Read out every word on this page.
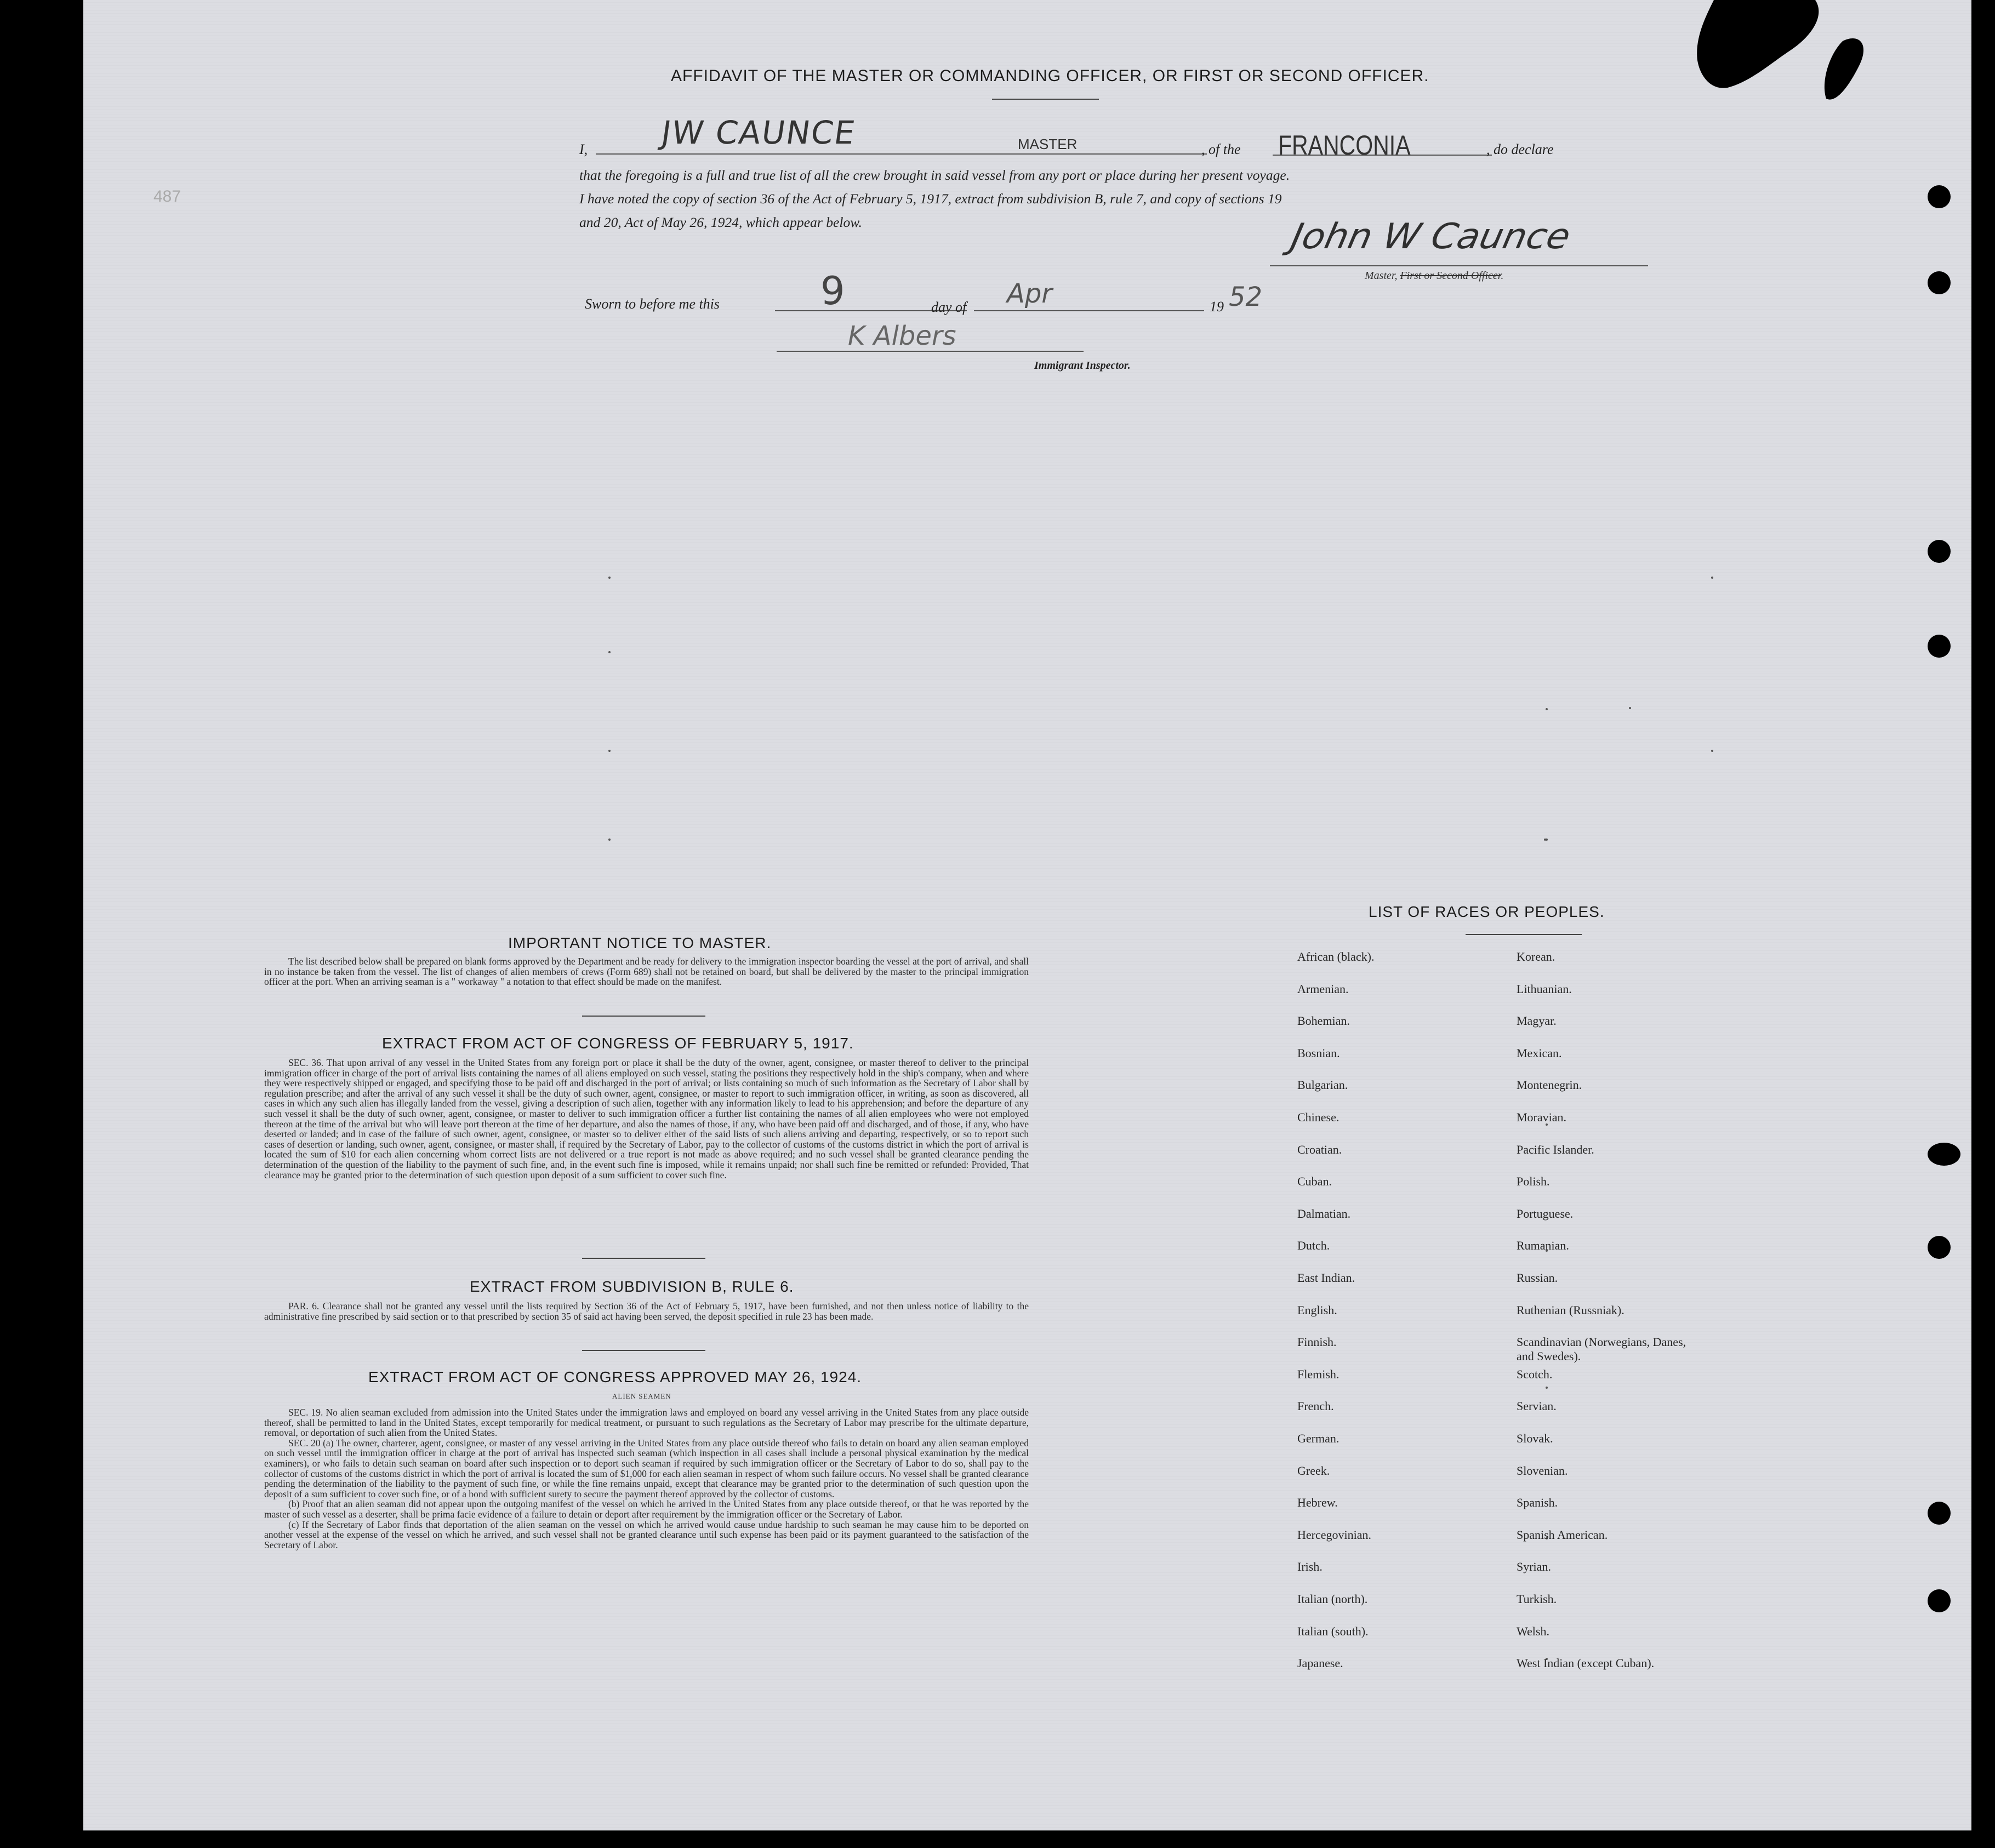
487
AFFIDAVIT OF THE MASTER OR COMMANDING OFFICER, OR FIRST OR SECOND OFFICER.
I, JW CAUNCE	MASTER	, of the FRANCONIA	, do declare
that the foregoing is a full and true list of all the crew brought in said vessel from any port or place during her present voyage.
I have noted the copy of section 36 of the Act of February 5, 1917, extract from subdivision B, rule 7, and copy of sections 19
and 20, Act of May 26, 1924, which appear below.	John W Caunce
Master, First or Second Officer.
Sworn to before me this	9	day of Apr	19 52
K Albers
Immigrant Inspector.
IMPORTANT NOTICE TO MASTER.

The list described below shall be prepared on blank forms approved by the Department and be ready for delivery to the immigration inspector boarding the vessel at the port of arrival, and shall in no instance be taken from the vessel. The list of changes of alien members of crews (Form 689) shall not be retained on board, but shall be delivered by the master to the principal immigration officer at the port. When an arriving seaman is a " workaway " a notation to that effect should be made on the manifest.

EXTRACT FROM ACT OF CONGRESS OF FEBRUARY 5, 1917.

SEC. 36. That upon arrival of any vessel in the United States from any foreign port or place it shall be the duty of the owner, agent, consignee, or master thereof to deliver to the principal immigration officer in charge of the port of arrival lists containing the names of all aliens employed on such vessel, stating the positions they respectively hold in the ship's company, when and where they were respectively shipped or engaged, and specifying those to be paid off and discharged in the port of arrival; or lists containing so much of such information as the Secretary of Labor shall by regulation prescribe; and after the arrival of any such vessel it shall be the duty of such owner, agent, consignee, or master to report to such immigration officer, in writing, as soon as discovered, all cases in which any such alien has illegally landed from the vessel, giving a description of such alien, together with any information likely to lead to his apprehension; and before the departure of any such vessel it shall be the duty of such owner, agent, consignee, or master to deliver to such immigration officer a further list containing the names of all alien employees who were not employed thereon at the time of the arrival but who will leave port thereon at the time of her departure, and also the names of those, if any, who have been paid off and discharged, and of those, if any, who have deserted or landed; and in case of the failure of such owner, agent, consignee, or master so to deliver either of the said lists of such aliens arriving and departing, respectively, or so to report such cases of desertion or landing, such owner, agent, consignee, or master shall, if required by the Secretary of Labor, pay to the collector of customs of the customs district in which the port of arrival is located the sum of $10 for each alien concerning whom correct lists are not delivered or a true report is not made as above required; and no such vessel shall be granted clearance pending the determination of the question of the liability to the payment of such fine, and, in the event such fine is imposed, while it remains unpaid; nor shall such fine be remitted or refunded: Provided, That clearance may be granted prior to the determination of such question upon deposit of a sum sufficient to cover such fine.

EXTRACT FROM SUBDIVISION B, RULE 6.

PAR. 6. Clearance shall not be granted any vessel until the lists required by Section 36 of the Act of February 5, 1917, have been furnished, and not then unless notice of liability to the administrative fine prescribed by said section or to that prescribed by section 35 of said act having been served, the deposit specified in rule 23 has been made.

EXTRACT FROM ACT OF CONGRESS APPROVED MAY 26, 1924.
ALIEN SEAMEN

SEC. 19. No alien seaman excluded from admission into the United States under the immigration laws and employed on board any vessel arriving in the United States from any place outside thereof, shall be permitted to land in the United States, except temporarily for medical treatment, or pursuant to such regulations as the Secretary of Labor may prescribe for the ultimate departure, removal, or deportation of such alien from the United States.

SEC. 20 (a) The owner, charterer, agent, consignee, or master of any vessel arriving in the United States from any place outside thereof who fails to detain on board any alien seaman employed on such vessel until the immigration officer in charge at the port of arrival has inspected such seaman (which inspection in all cases shall include a personal physical examination by the medical examiners), or who fails to detain such seaman on board after such inspection or to deport such seaman if required by such immigration officer or the Secretary of Labor to do so, shall pay to the collector of customs of the customs district in which the port of arrival is located the sum of $1,000 for each alien seaman in respect of whom such failure occurs. No vessel shall be granted clearance pending the determination of the liability to the payment of such fine, or while the fine remains unpaid, except that clearance may be granted prior to the determination of such question upon the deposit of a sum sufficient to cover such fine, or of a bond with sufficient surety to secure the payment thereof approved by the collector of customs.

(b) Proof that an alien seaman did not appear upon the outgoing manifest of the vessel on which he arrived in the United States from any place outside thereof, or that he was reported by the master of such vessel as a deserter, shall be prima facie evidence of a failure to detain or deport after requirement by the immigration officer or the Secretary of Labor.

(c) If the Secretary of Labor finds that deportation of the alien seaman on the vessel on which he arrived would cause undue hardship to such seaman he may cause him to be deported on another vessel at the expense of the vessel on which he arrived, and such vessel shall not be granted clearance until such expense has been paid or its payment guaranteed to the satisfaction of the Secretary of Labor.

LIST OF RACES OR PEOPLES.
African (black).
Armenian.
Bohemian.
Bosnian.
Bulgarian.
Chinese.
Croatian.
Cuban.
Dalmatian.
Dutch.
East Indian.
English.
Finnish.
Flemish.
French.
German.
Greek.
Hebrew.
Hercegovinian.
Irish.
Italian (north).
Italian (south).
Japanese.
Korean.
Lithuanian.
Magyar.
Mexican.
Montenegrin.
Moravian.
Pacific Islander.
Polish.
Portuguese.
Rumanian.
Russian.
Ruthenian (Russniak).
Scandinavian (Norwegians, Danes, and Swedes).
Scotch.
Servian.
Slovak.
Slovenian.
Spanish.
Spanish American.
Syrian.
Turkish.
Welsh.
West Indian (except Cuban).
